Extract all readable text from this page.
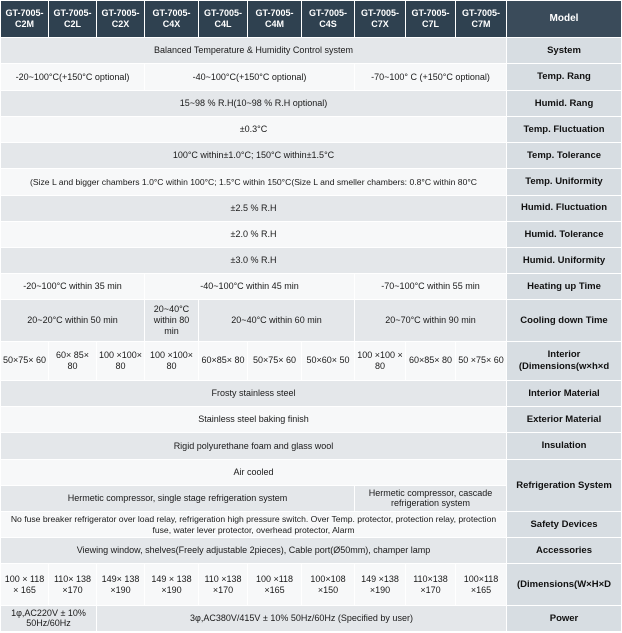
GT-7005-C2M	GT-7005-C2L	GT-7005-C2X	GT-7005-C4X	GT-7005-C4L	GT-7005-C4M	GT-7005-C4S	GT-7005-C7X	GT-7005-C7L	GT-7005-C7M	Model
Balanced Temperature & Humidity Control system										System
-20~100°C(+150°C optional)			-40~100°C(+150°C optional)				-70~100° C (+150°C optional)			Temp. Rang
15~98 % R.H(10~98 % R.H optional)										Humid. Rang
±0.3°C										Temp. Fluctuation
100°C within±1.0°C; 150°C within±1.5°C										Temp. Tolerance
(Size L and bigger chambers 1.0°C within 100°C; 1.5°C within 150°C(Size L and smeller chambers: 0.8°C within 80°C										Temp. Uniformity
±2.5 % R.H										Humid. Fluctuation
±2.0 % R.H										Humid. Tolerance
±3.0 % R.H										Humid. Uniformity
-20~100°C within 35 min			-40~100°C within 45 min				-70~100°C within 55 min			Heating up Time
20~20°C within 50 min			20~40°C within 80 min	20~40°C within 60 min			20~70°C within 90 min			Cooling down Time
50×75× 60	60× 85× 80	100 ×100× 80	100 ×100× 80	60×85× 80	50×75× 60	50×60× 50	100 ×100 × 80	60×85× 80	50 ×75× 60	Interior (Dimensions(w×h×d
Frosty stainless steel										Interior Material
Stainless steel baking finish										Exterior Material
Rigid polyurethane foam and glass wool										Insulation
Air cooled										Refrigeration System
Hermetic compressor, single stage refrigeration system							Hermetic compressor, cascade refrigeration system			
No fuse breaker refrigerator over load relay, refrigeration high pressure switch. Over Temp. protector, protection relay, protection fuse, water lever protector, overhead protector, Alarm										Safety Devices
Viewing window, shelves(Freely adjustable 2pieces), Cable port(Ø50mm), champer lamp										Accessories
100 × 118 × 165	110× 138 ×170	149× 138 ×190	149 × 138 ×190	110 ×138 ×170	100 ×118 ×165	100×108 ×150	149 ×138 ×190	110×138 ×170	100×118 ×165	(Dimensions(W×H×D
1φ,AC220V ± 10% 50Hz/60Hz		3φ,AC380V/415V ± 10% 50Hz/60Hz (Specified by user)								Power
